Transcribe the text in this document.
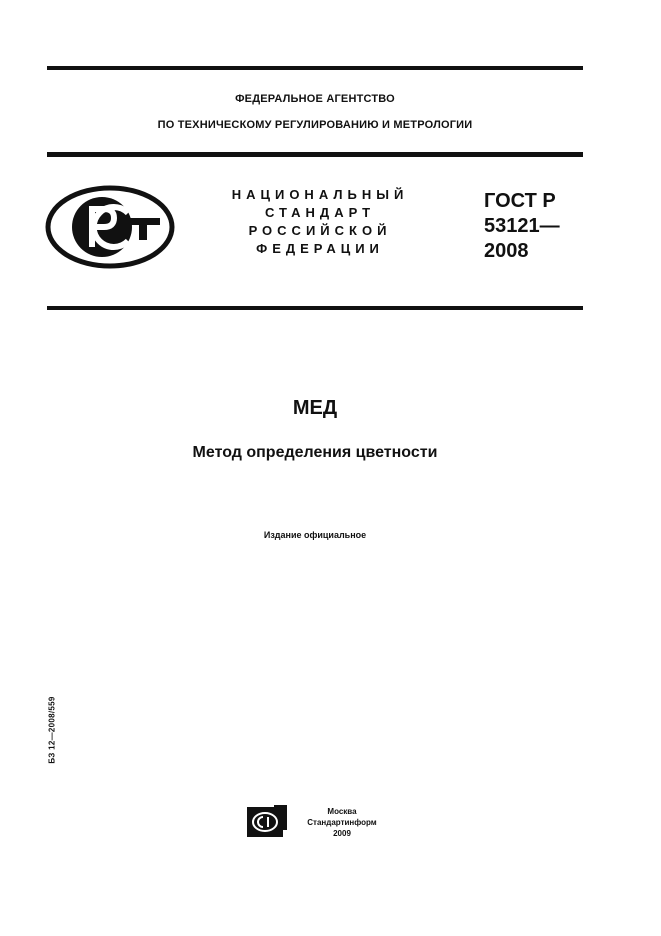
ФЕДЕРАЛЬНОЕ АГЕНТСТВО
ПО ТЕХНИЧЕСКОМУ РЕГУЛИРОВАНИЮ И МЕТРОЛОГИИ
НАЦИОНАЛЬНЫЙ
СТАНДАРТ
РОССИЙСКОЙ
ФЕДЕРАЦИИ
ГОСТ Р
53121—
2008
МЕД
Метод определения цветности
Издание официальное
БЗ 12—2008/559
Москва
Стандартинформ
2009
